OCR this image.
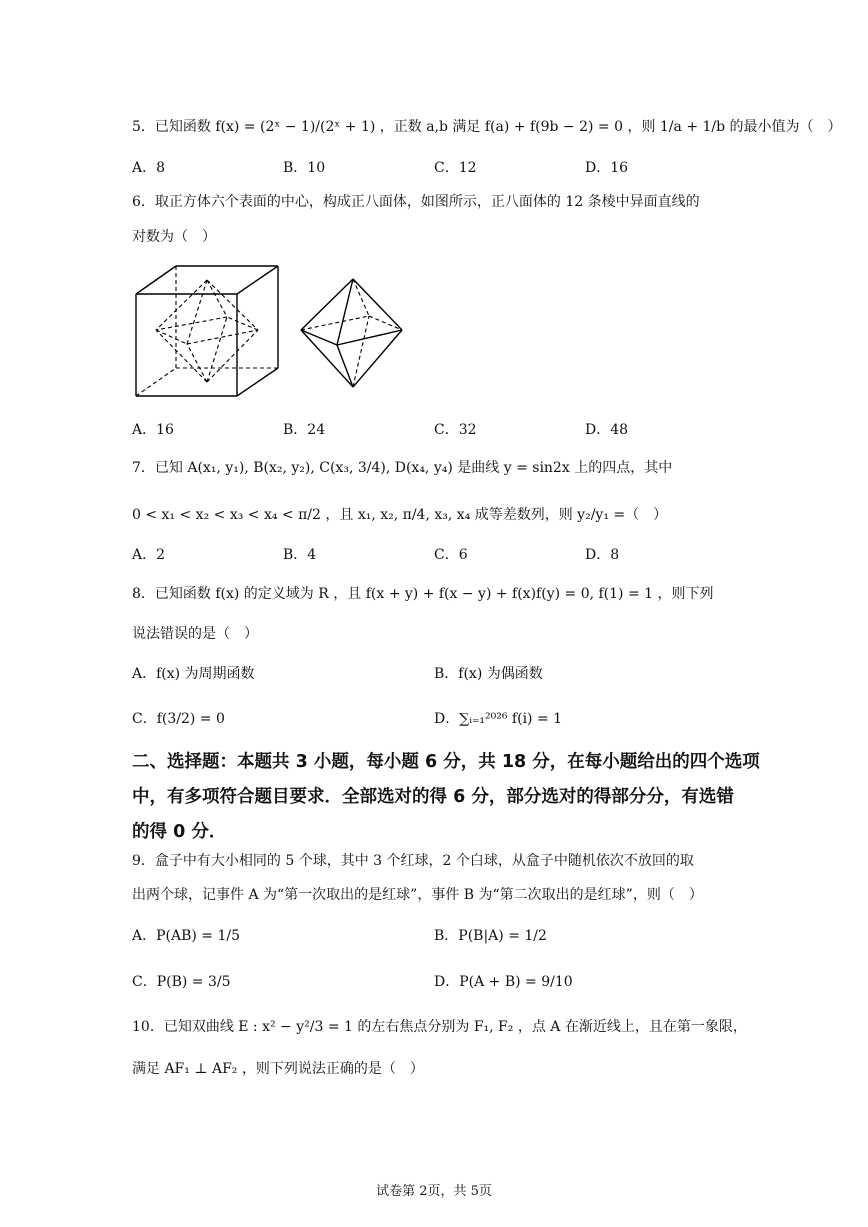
5．已知函数 f(x) = (2ˣ − 1)/(2ˣ + 1) ，正数 a,b 满足 f(a) + f(9b − 2) = 0 ，则 1/a + 1/b 的最小值为（　）
A．8	B．10	C．12	D．16
6．取正方体六个表面的中心，构成正八面体，如图所示，正八面体的 12 条棱中异面直线的
对数为（　）
A．16	B．24	C．32	D．48
7．已知 A(x₁, y₁), B(x₂, y₂), C(x₃, 3/4), D(x₄, y₄) 是曲线 y = sin2x 上的四点，其中
0 < x₁ < x₂ < x₃ < x₄ < π/2 ，且 x₁, x₂, π/4, x₃, x₄ 成等差数列，则 y₂/y₁ =（　）
A．2	B．4	C．6	D．8
8．已知函数 f(x) 的定义域为 R ，且 f(x + y) + f(x − y) + f(x)f(y) = 0, f(1) = 1 ，则下列
说法错误的是（　）
A．f(x) 为周期函数	B．f(x) 为偶函数
C．f(3/2) = 0	D．∑ᵢ₌₁²⁰²⁶ f(i) = 1
二、选择题：本题共 3 小题，每小题 6 分，共 18 分，在每小题给出的四个选项
中，有多项符合题目要求．全部选对的得 6 分，部分选对的得部分分，有选错
的得 0 分．
9．盒子中有大小相同的 5 个球，其中 3 个红球，2 个白球，从盒子中随机依次不放回的取
出两个球，记事件 A 为“第一次取出的是红球”，事件 B 为“第二次取出的是红球”，则（　）
A．P(AB) = 1/5	B．P(B|A) = 1/2
C．P(B) = 3/5	D．P(A + B) = 9/10
10．已知双曲线 E : x² − y²/3 = 1 的左右焦点分别为 F₁, F₂ ，点 A 在渐近线上，且在第一象限，
满足 AF₁ ⊥ AF₂ ，则下列说法正确的是（　）
试卷第 2页，共 5页
